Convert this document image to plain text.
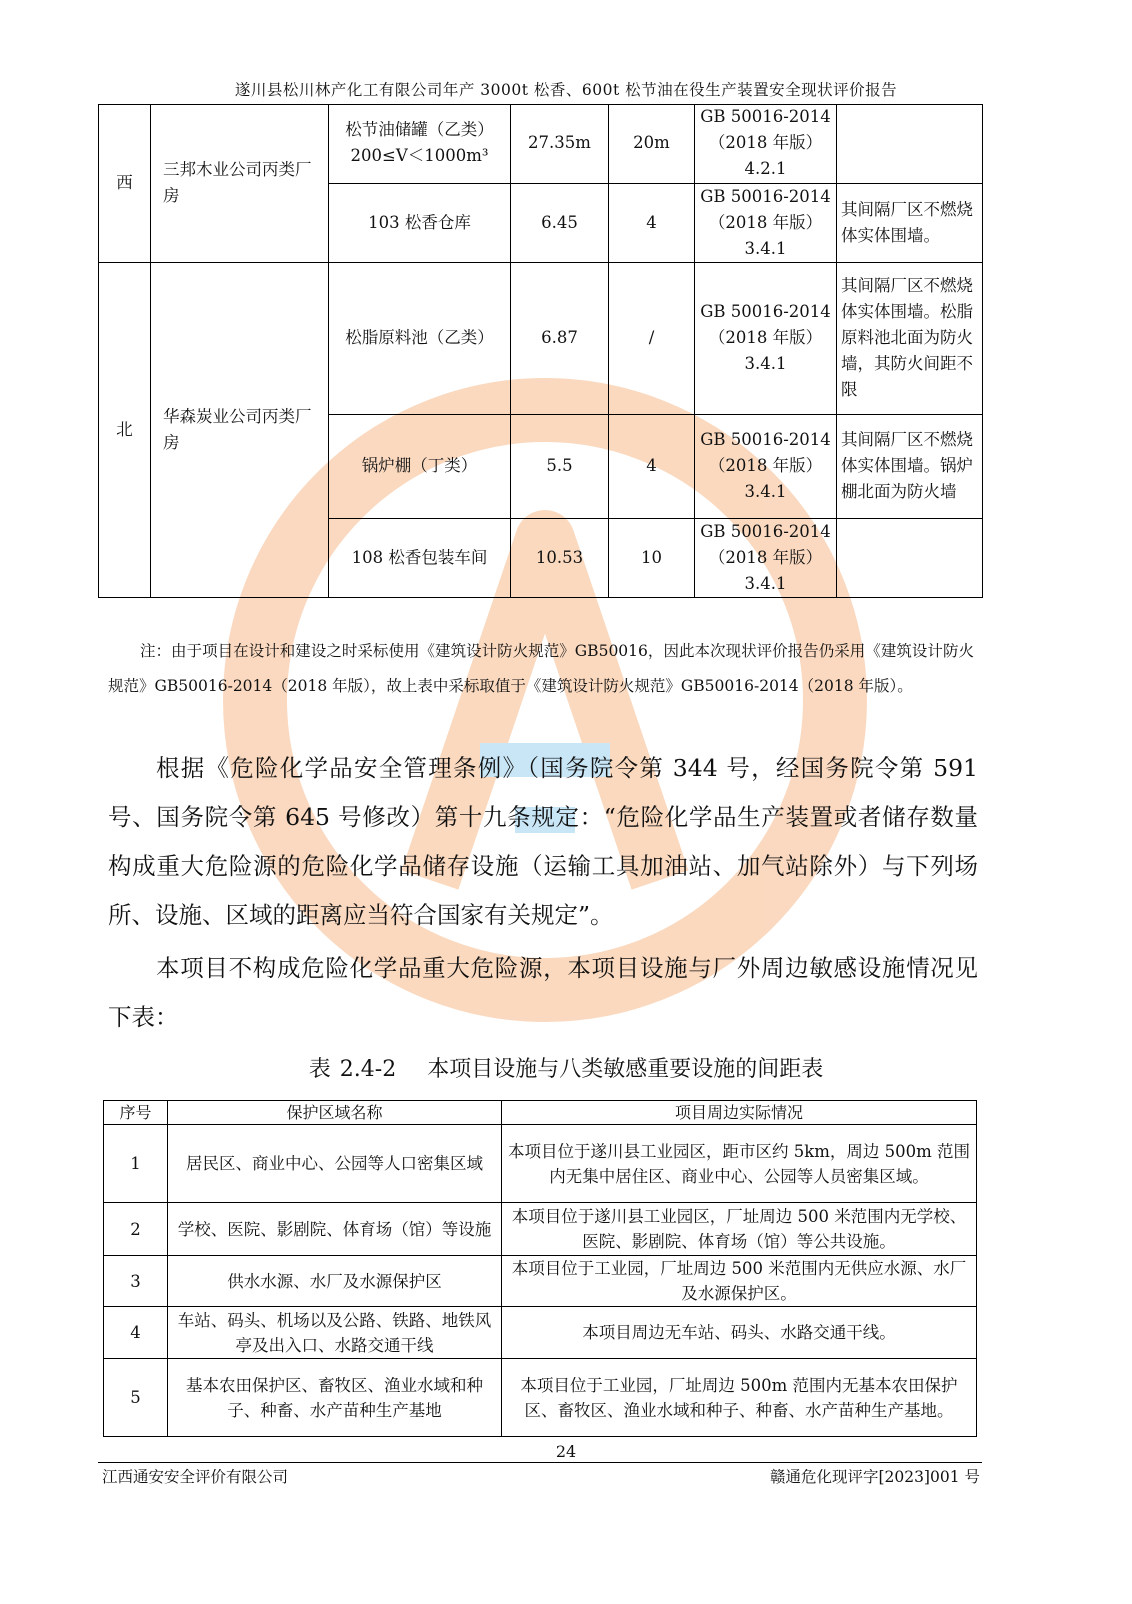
遂川县松川林产化工有限公司年产 3000t 松香、600t 松节油在役生产装置安全现状评价报告
西	三邦木业公司丙类厂房	松节油储罐（乙类）200≤V＜1000m³	27.35m	20m	GB 50016-2014（2018 年版）4.2.1	
		103 松香仓库	6.45	4	GB 50016-2014（2018 年版）3.4.1	其间隔厂区不燃烧体实体围墙。
北	华森炭业公司丙类厂房	松脂原料池（乙类）	6.87	/	GB 50016-2014（2018 年版）3.4.1	其间隔厂区不燃烧体实体围墙。松脂原料池北面为防火墙，其防火间距不限
		锅炉棚（丁类）	5.5	4	GB 50016-2014（2018 年版）3.4.1	其间隔厂区不燃烧体实体围墙。锅炉棚北面为防火墙
		108 松香包装车间	10.53	10	GB 50016-2014（2018 年版）3.4.1	
注：由于项目在设计和建设之时采标使用《建筑设计防火规范》GB50016，因此本次现状评价报告仍采用《建筑设计防火规范》GB50016-2014（2018 年版），故上表中采标取值于《建筑设计防火规范》GB50016-2014（2018 年版）。
根据《危险化学品安全管理条例》（国务院令第 344 号，经国务院令第 591 号、国务院令第 645 号修改）第十九条规定：“危险化学品生产装置或者储存数量构成重大危险源的危险化学品储存设施（运输工具加油站、加气站除外）与下列场所、设施、区域的距离应当符合国家有关规定”。
本项目不构成危险化学品重大危险源，本项目设施与厂外周边敏感设施情况见下表：
表 2.4-2　 本项目设施与八类敏感重要设施的间距表
序号	保护区域名称	项目周边实际情况
1	居民区、商业中心、公园等人口密集区域	本项目位于遂川县工业园区，距市区约 5km，周边 500m 范围内无集中居住区、商业中心、公园等人员密集区域。
2	学校、医院、影剧院、体育场（馆）等设施	本项目位于遂川县工业园区，厂址周边 500 米范围内无学校、医院、影剧院、体育场（馆）等公共设施。
3	供水水源、水厂及水源保护区	本项目位于工业园，厂址周边 500 米范围内无供应水源、水厂及水源保护区。
4	车站、码头、机场以及公路、铁路、地铁风亭及出入口、水路交通干线	本项目周边无车站、码头、水路交通干线。
5	基本农田保护区、畜牧区、渔业水域和种子、种畜、水产苗种生产基地	本项目位于工业园，厂址周边 500m 范围内无基本农田保护区、畜牧区、渔业水域和种子、种畜、水产苗种生产基地。
24
江西通安安全评价有限公司	赣通危化现评字[2023]001 号
